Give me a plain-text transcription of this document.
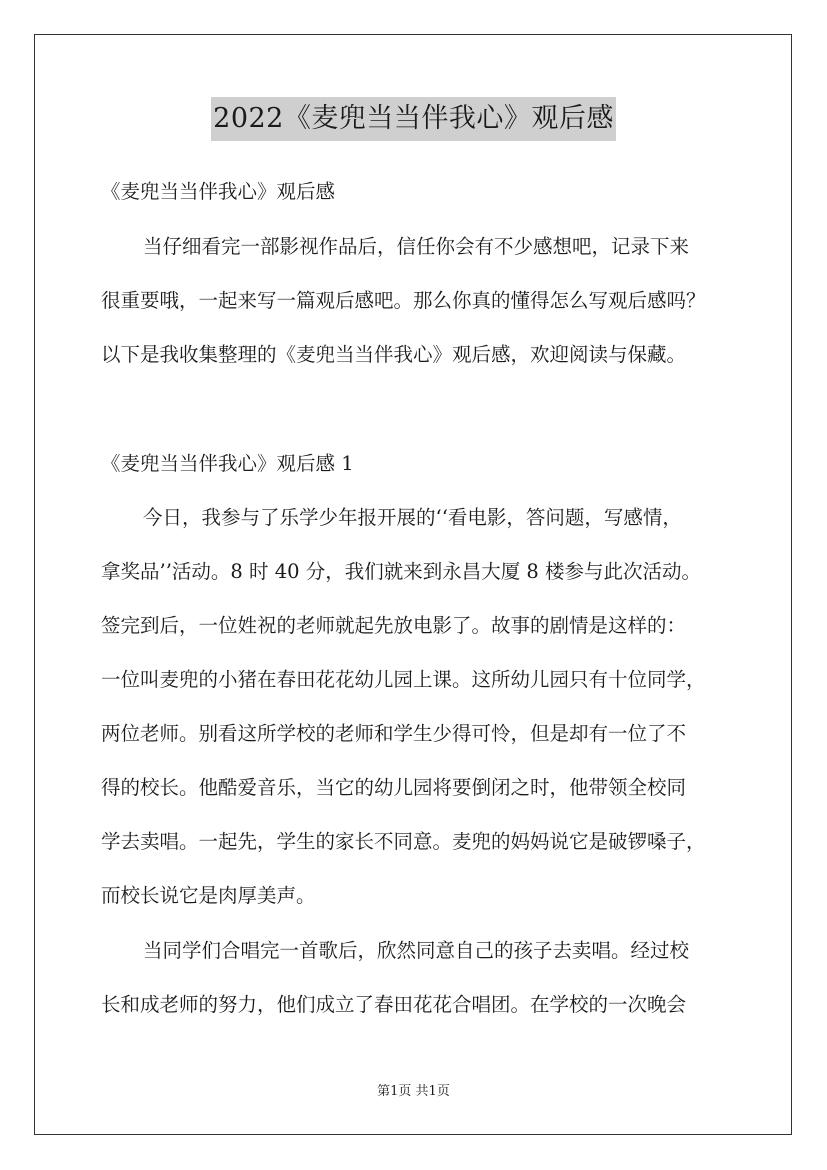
2022《麦兜当当伴我心》观后感
《麦兜当当伴我心》观后感
当仔细看完一部影视作品后，信任你会有不少感想吧，记录下来
很重要哦，一起来写一篇观后感吧。那么你真的懂得怎么写观后感吗？
以下是我收集整理的《麦兜当当伴我心》观后感，欢迎阅读与保藏。
《麦兜当当伴我心》观后感 1
今日，我参与了乐学少年报开展的‘‘看电影，答问题，写感情，
拿奖品’’活动。8 时 40 分，我们就来到永昌大厦 8 楼参与此次活动。
签完到后，一位姓祝的老师就起先放电影了。故事的剧情是这样的：
一位叫麦兜的小猪在春田花花幼儿园上课。这所幼儿园只有十位同学，
两位老师。别看这所学校的老师和学生少得可怜，但是却有一位了不
得的校长。他酷爱音乐，当它的幼儿园将要倒闭之时，他带领全校同
学去卖唱。一起先，学生的家长不同意。麦兜的妈妈说它是破锣嗓子，
而校长说它是肉厚美声。
当同学们合唱完一首歌后，欣然同意自己的孩子去卖唱。经过校
长和成老师的努力，他们成立了春田花花合唱团。在学校的一次晚会
第1页 共1页
